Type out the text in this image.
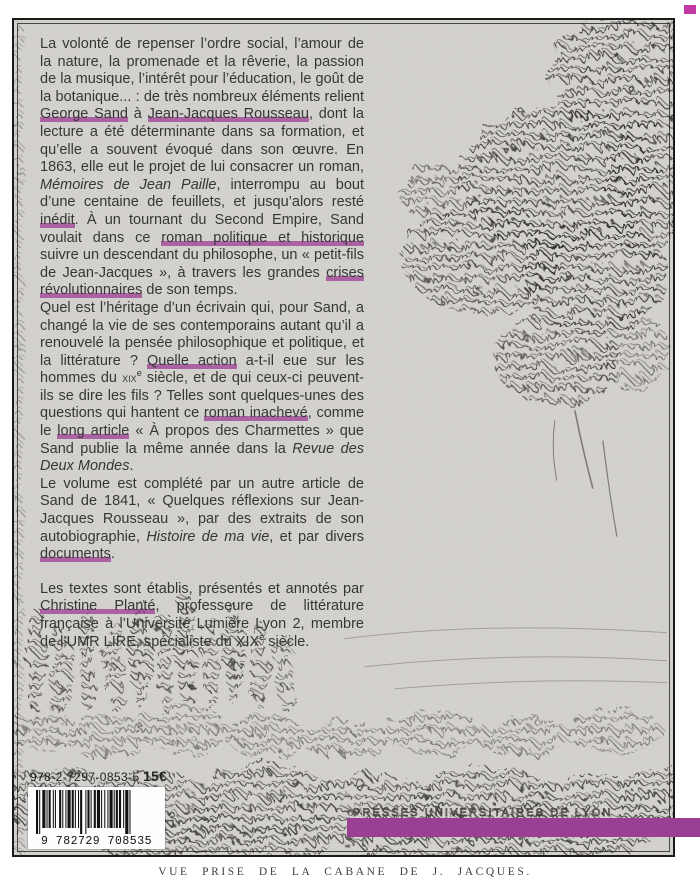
La volonté de repenser l’ordre social, l’amour de la nature, la promenade et la rêverie, la passion de la musique, l’intérêt pour l’éducation, le goût de la botanique... : de très nombreux éléments relient George Sand à Jean-Jacques Rousseau, dont la lecture a été déterminante dans sa formation, et qu’elle a souvent évoqué dans son œuvre. En 1863, elle eut le projet de lui consacrer un roman, Mémoires de Jean Paille, interrompu au bout d’une centaine de feuillets, et jusqu’alors resté inédit. À un tournant du Second Empire, Sand voulait dans ce roman politique et historique suivre un descendant du philosophe, un « petit-fils de Jean-Jacques », à travers les grandes crises révolutionnaires de son temps.

Quel est l’héritage d’un écrivain qui, pour Sand, a changé la vie de ses contemporains autant qu’il a renouvelé la pensée philosophique et politique, et la littérature ? Quelle action a-t-il eue sur les hommes du xix$^e$ siècle, et de qui ceux-ci peuvent-ils se dire les fils ? Telles sont quelques-unes des questions qui hantent ce roman inachevé, comme le long article « À propos des Charmettes » que Sand publie la même année dans la Revue des Deux Mondes.

Le volume est complété par un autre article de Sand de 1841, « Quelques réflexions sur Jean-Jacques Rousseau », par des extraits de son autobiographie, Histoire de ma vie, et par divers documents.

Les textes sont établis, présentés et annotés par Christine Planté, professeure de littérature française à l’Université Lumière Lyon 2, membre de l’UMR LIRE, spécialiste du XIXe siècle.

978-2-7297-0853-5 15€
9 782729 708535
PRESSES UNIVERSITAIRES DE LYON
VUE PRISE DE LA CABANE DE J. JACQUES.
